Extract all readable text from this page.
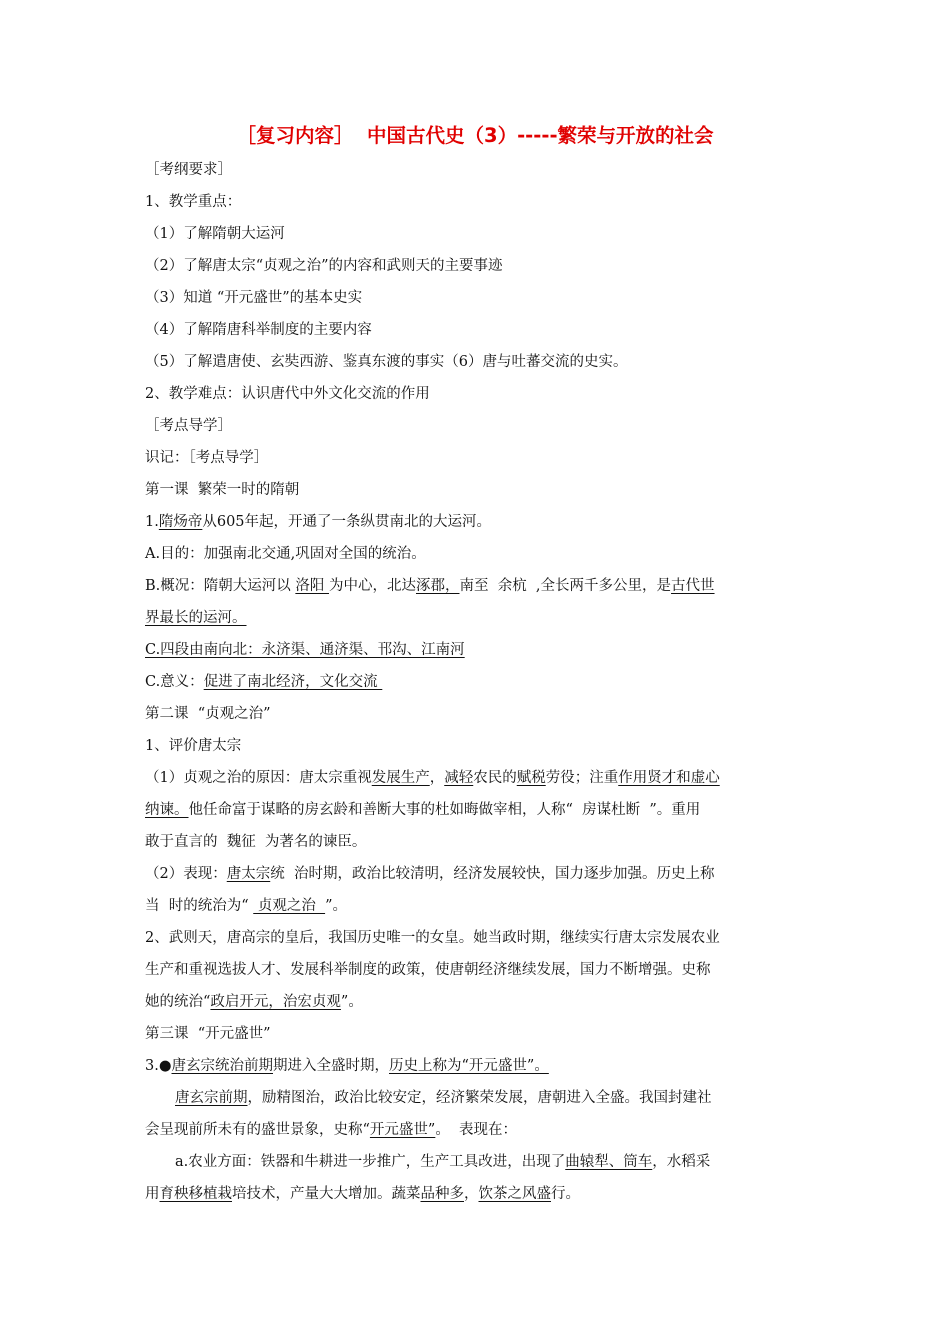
［复习内容］  中国古代史（3）-----繁荣与开放的社会
［考纲要求］
1、教学重点：
（1）了解隋朝大运河
（2）了解唐太宗“贞观之治”的内容和武则天的主要事迹
（3）知道 “开元盛世”的基本史实
（4）了解隋唐科举制度的主要内容
（5）了解遣唐使、玄奘西游、鉴真东渡的事实（6）唐与吐蕃交流的史实。
2、教学难点：认识唐代中外文化交流的作用
［考点导学］
识记：［考点导学］
第一课  繁荣一时的隋朝
1.隋炀帝从605年起，开通了一条纵贯南北的大运河。
A.目的：加强南北交通,巩固对全国的统治。
B.概况：隋朝大运河以 洛阳 为中心，北达涿郡，南至  余杭  ,全长两千多公里，是古代世
界最长的运河。
C.四段由南向北：永济渠、通济渠、邗沟、江南河
C.意义：促进了南北经济，文化交流
第二课  “贞观之治”
1、评价唐太宗
（1）贞观之治的原因：唐太宗重视发展生产，减轻农民的赋税劳役；注重作用贤才和虚心
纳谏。他任命富于谋略的房玄龄和善断大事的杜如晦做宰相，人称“  房谋杜断  ”。重用
敢于直言的  魏征  为著名的谏臣。
（2）表现：唐太宗统  治时期，政治比较清明，经济发展较快，国力逐步加强。历史上称
当  时的统治为“  贞观之治  ”。
2、武则天，唐高宗的皇后，我国历史唯一的女皇。她当政时期，继续实行唐太宗发展农业
生产和重视选拔人才、发展科举制度的政策，使唐朝经济继续发展，国力不断增强。史称
她的统治“政启开元，治宏贞观”。
第三课  “开元盛世”
3.●唐玄宗统治前期期进入全盛时期，历史上称为“开元盛世”。
唐玄宗前期，励精图治，政治比较安定，经济繁荣发展，唐朝进入全盛。我国封建社
会呈现前所未有的盛世景象，史称“开元盛世”。  表现在：
a.农业方面：铁器和牛耕进一步推广，生产工具改进，出现了曲辕犁、筒车，水稻采
用育秧移植栽培技术，产量大大增加。蔬菜品种多，饮茶之风盛行。
